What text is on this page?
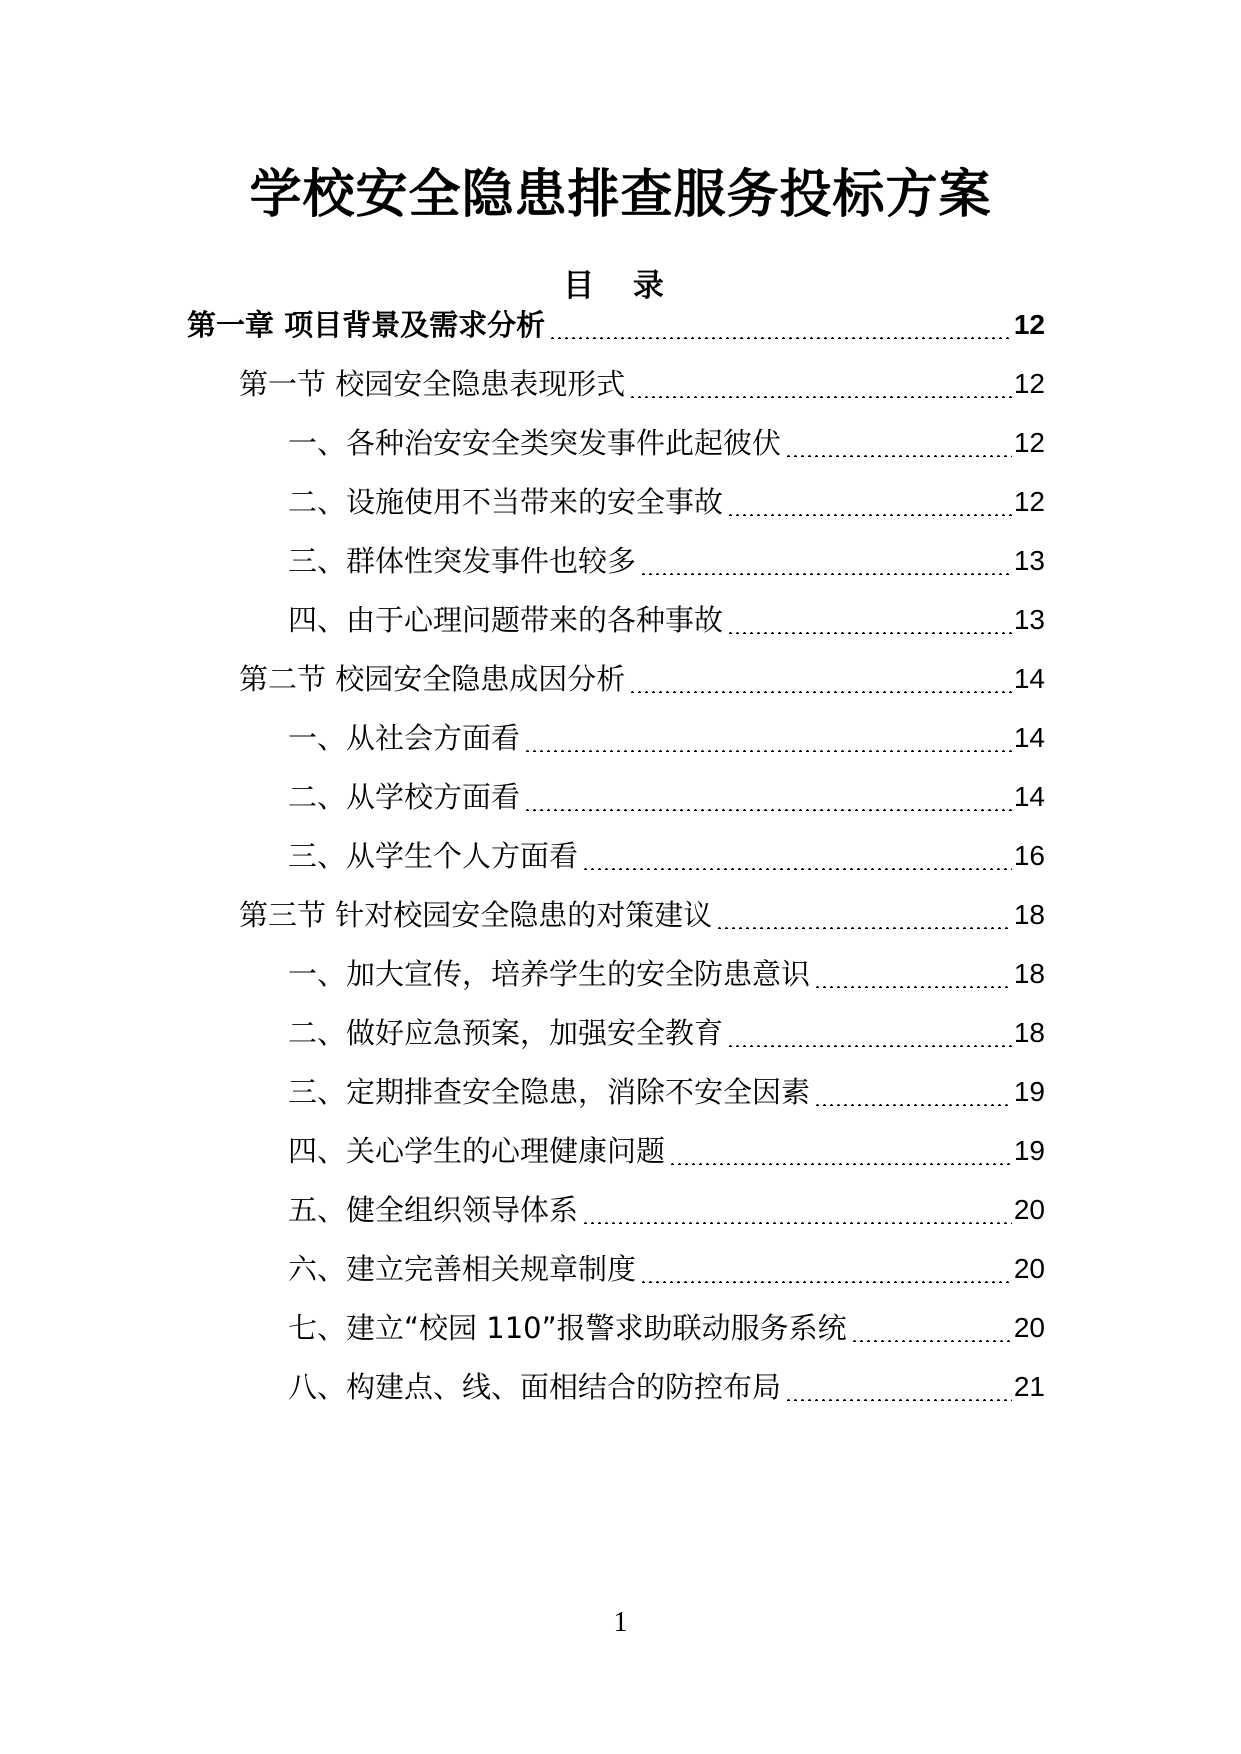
学校安全隐患排查服务投标方案
目 录
第一章 项目背景及需求分析	12
第一节 校园安全隐患表现形式	12
一、各种治安安全类突发事件此起彼伏	12
二、设施使用不当带来的安全事故	12
三、群体性突发事件也较多	13
四、由于心理问题带来的各种事故	13
第二节 校园安全隐患成因分析	14
一、从社会方面看	14
二、从学校方面看	14
三、从学生个人方面看	16
第三节 针对校园安全隐患的对策建议	18
一、加大宣传，培养学生的安全防患意识	18
二、做好应急预案，加强安全教育	18
三、定期排查安全隐患，消除不安全因素	19
四、关心学生的心理健康问题	19
五、健全组织领导体系	20
六、建立完善相关规章制度	20
七、建立“校园 110”报警求助联动服务系统	20
八、构建点、线、面相结合的防控布局	21
1
